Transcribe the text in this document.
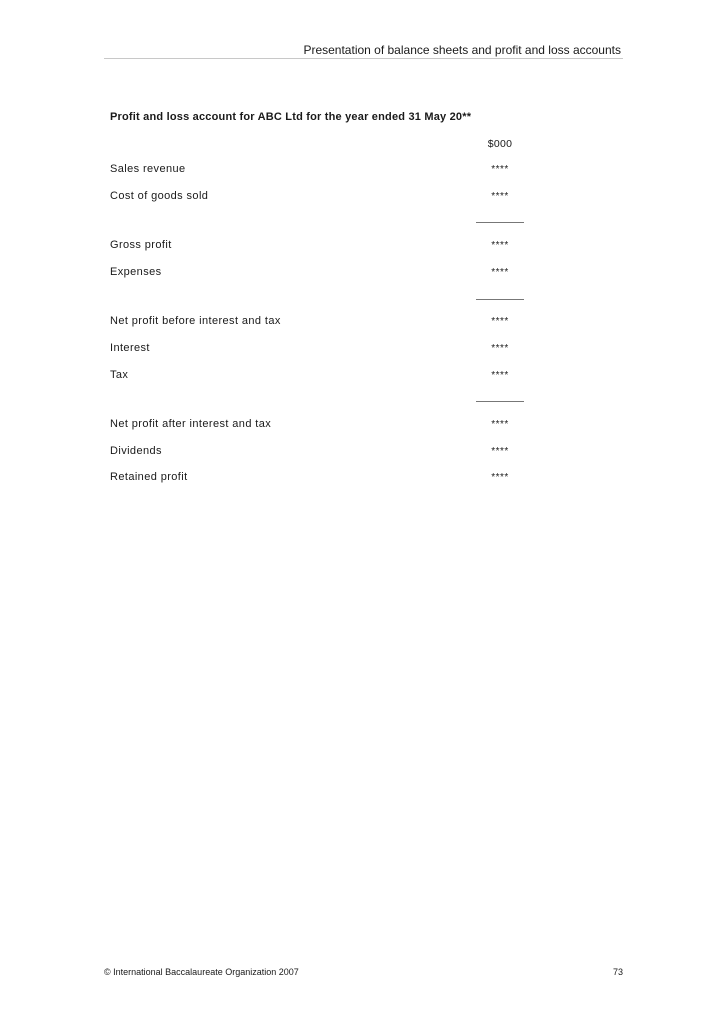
Presentation of balance sheets and profit and loss accounts
Profit and loss account for ABC Ltd for the year ended 31 May 20**
$000
Sales revenue	****
Cost of goods sold	****
Gross profit	****
Expenses	****
Net profit before interest and tax	****
Interest	****
Tax	****
Net profit after interest and tax	****
Dividends	****
Retained profit	****
© International Baccalaureate Organization 2007	73
